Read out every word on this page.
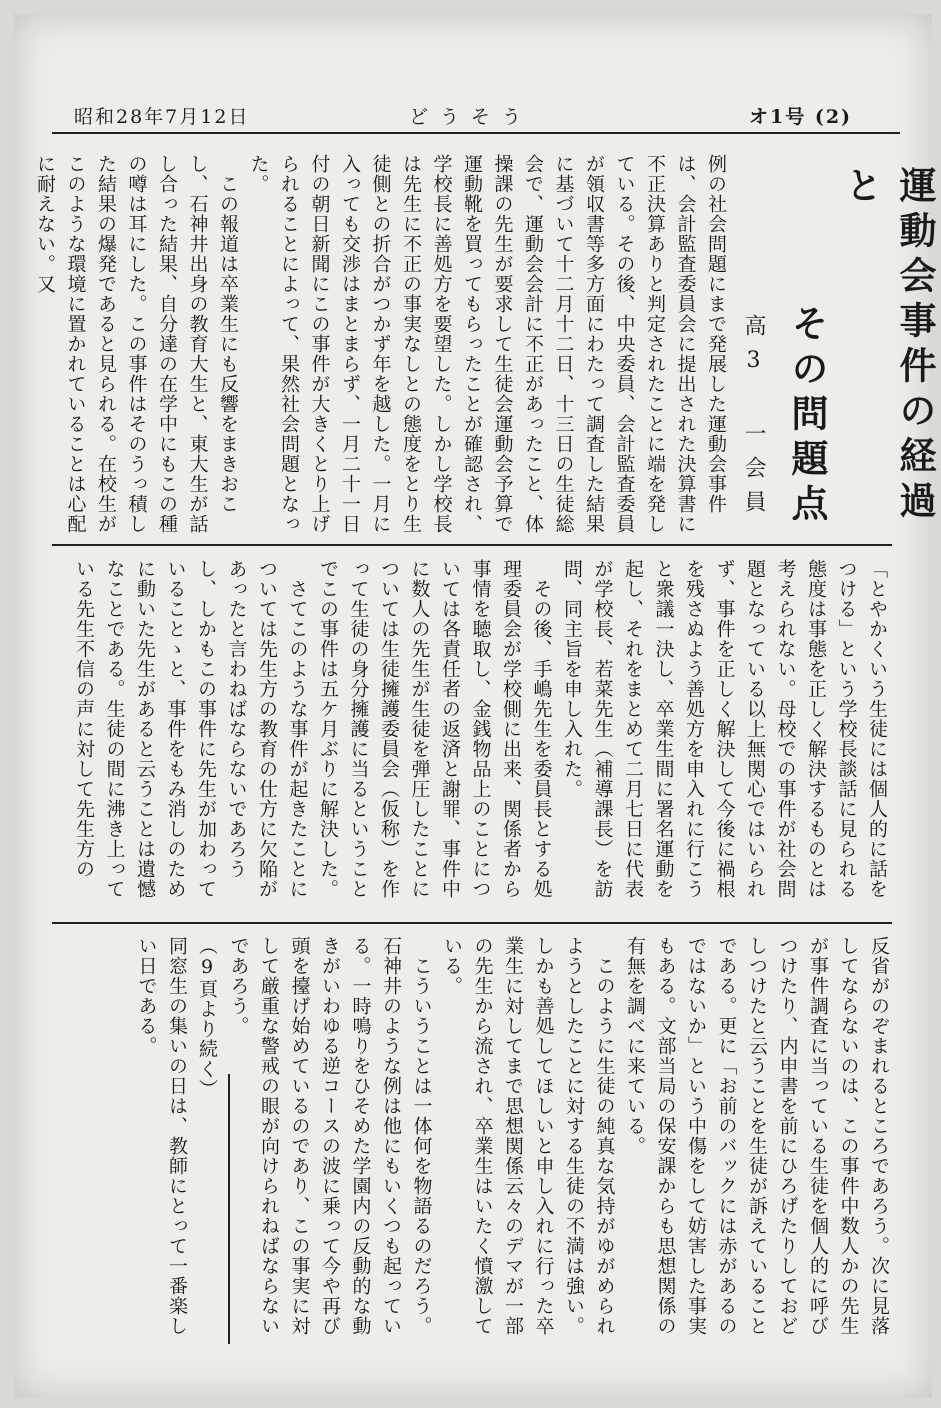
昭和28年7月12日	どうそう	オ1号 (2)
運動会事件の経過と
その問題点
高3 一会員
例の社会問題にまで発展した運動会事件は、会計監査委員会に提出された決算書に不正決算ありと判定されたことに端を発している。その後、中央委員、会計監査委員が領収書等多方面にわたって調査した結果に基づいて十二月十二日、十三日の生徒総会で、運動会会計に不正があったこと、体操課の先生が要求して生徒会運動会予算で運動靴を買ってもらったことが確認され、学校長に善処方を要望した。しかし学校長は先生に不正の事実なしとの態度をとり生徒側との折合がつかず年を越した。一月に入っても交渉はまとまらず、一月二十一日付の朝日新聞にこの事件が大きくとり上げられることによって、果然社会問題となった。
　この報道は卒業生にも反響をまきおこし、石神井出身の教育大生と、東大生が話し合った結果、自分達の在学中にもこの種の噂は耳にした。この事件はそのうっ積した結果の爆発であると見られる。在校生がこのような環境に置かれていることは心配に耐えない。又
「とやかくいう生徒には個人的に話をつける」という学校長談話に見られる態度は事態を正しく解決するものとは考えられない。母校での事件が社会問題となっている以上無関心ではいられず、事件を正しく解決して今後に禍根を残さぬよう善処方を申入れに行こうと衆議一決し、卒業生間に署名運動を起し、それをまとめて二月七日に代表が学校長、若菜先生（補導課長）を訪問、同主旨を申し入れた。
　その後、手嶋先生を委員長とする処理委員会が学校側に出来、関係者から事情を聴取し、金銭物品上のことについては各責任者の返済と謝罪、事件中に数人の先生が生徒を弾圧したことについては生徒擁護委員会（仮称）を作って生徒の身分擁護に当るということでこの事件は五ケ月ぶりに解決した。
　さてこのような事件が起きたことについては先生方の教育の仕方に欠陥があったと言わねばならないであろうし、しかもこの事件に先生が加わっていることゝと、事件をもみ消しのために動いた先生があると云うことは遺憾なことである。生徒の間に沸き上っている先生不信の声に対して先生方の
反省がのぞまれるところであろう。次に見落してならないのは、この事件中数人かの先生が事件調査に当っている生徒を個人的に呼びつけたり、内申書を前にひろげたりしておどしつけたと云うことを生徒が訴えていることである。更に「お前のバックには赤があるのではないか」という中傷をして妨害した事実もある。文部当局の保安課からも思想関係の有無を調べに来ている。
　このように生徒の純真な気持がゆがめられようとしたことに対する生徒の不満は強い。しかも善処してほしいと申し入れに行った卒業生に対してまで思想関係云々のデマが一部の先生から流され、卒業生はいたく憤激している。
　こういうことは一体何を物語るのだろう。石神井のような例は他にもいくつも起っている。一時鳴りをひそめた学園内の反動的な動きがいわゆる逆コースの波に乗って今や再び頭を擡げ始めているのであり、この事実に対して厳重な警戒の眼が向けられねばならないであろう。
（9頁より続く）
同窓生の集いの日は、教師にとって一番楽しい日である。
